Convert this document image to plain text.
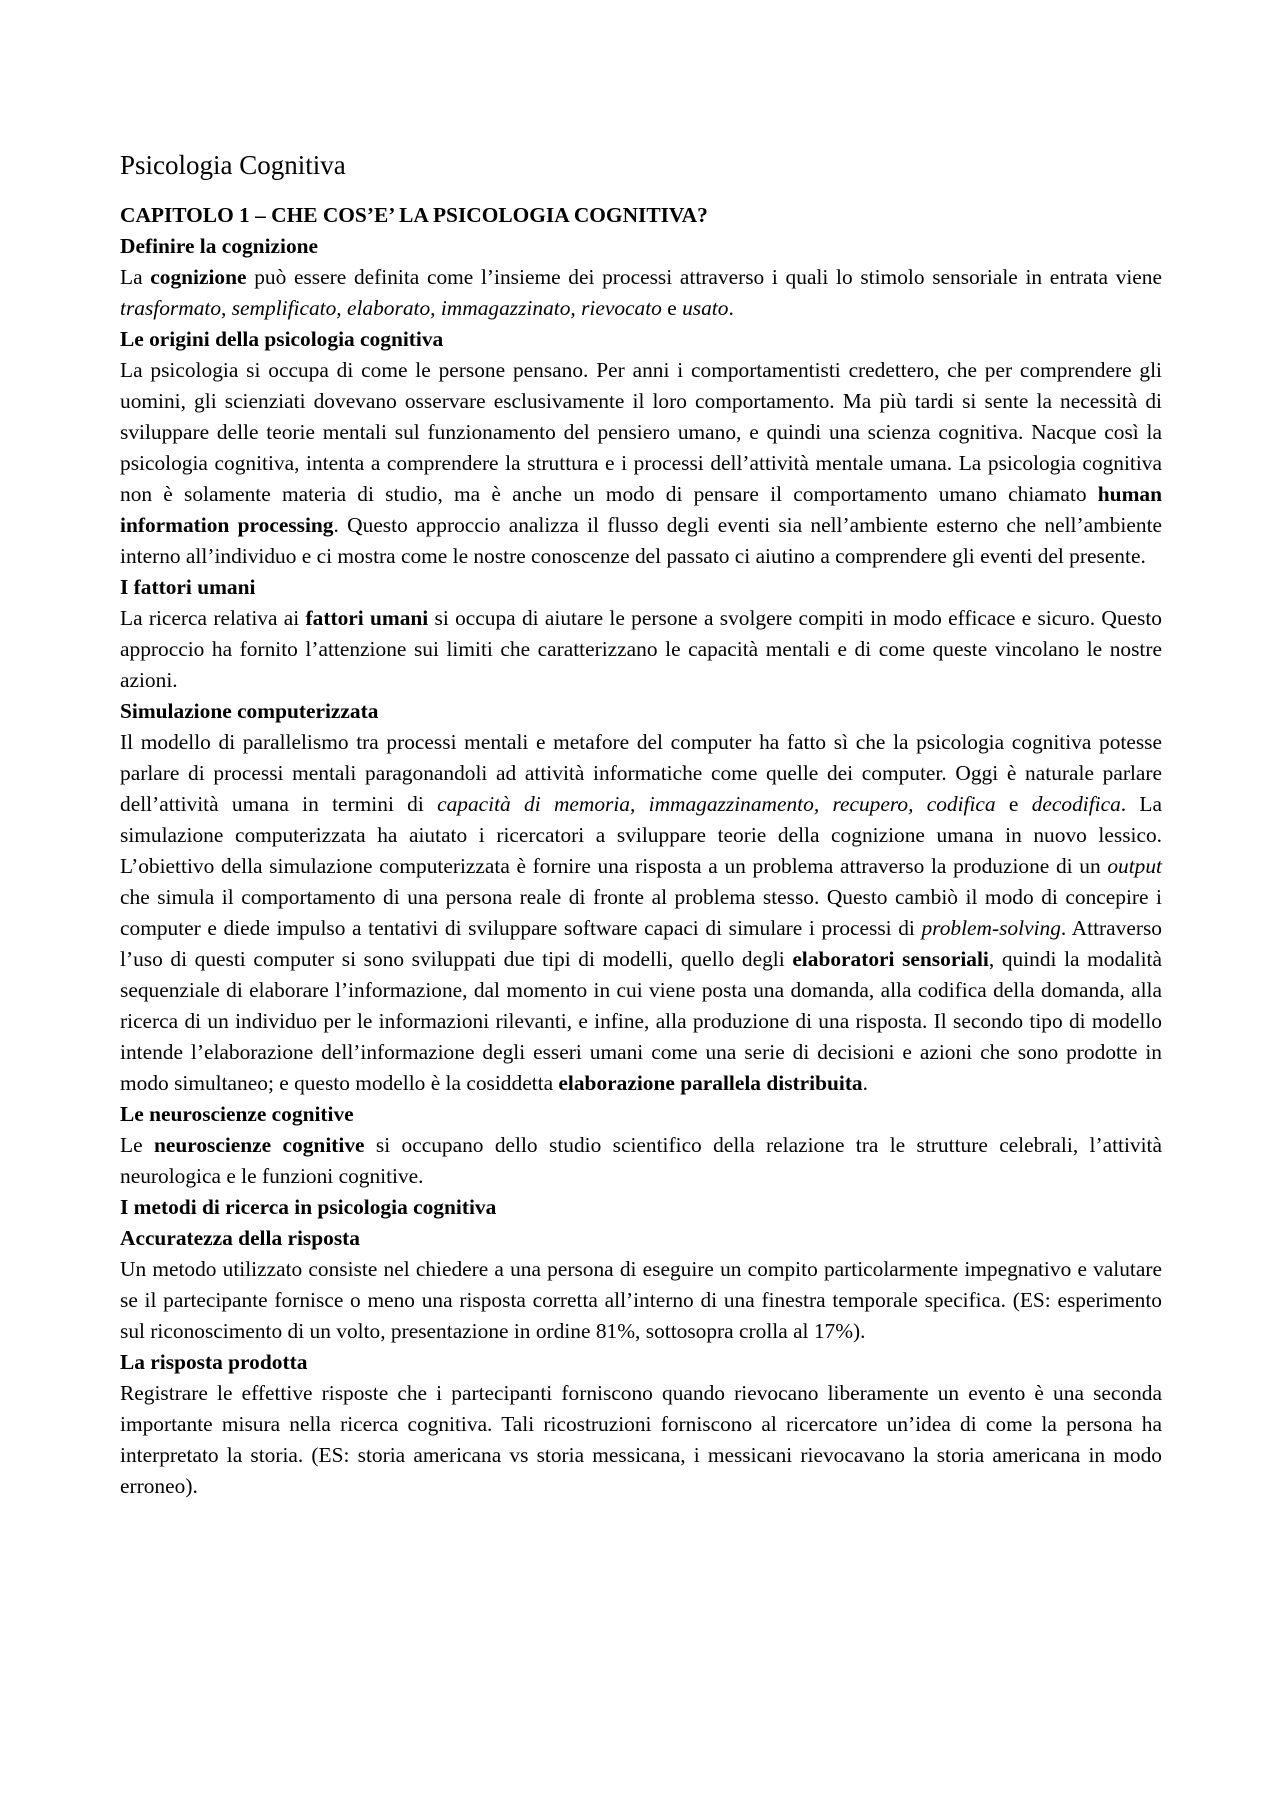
Psicologia Cognitiva

CAPITOLO 1 – CHE COS’E’ LA PSICOLOGIA COGNITIVA?

Definire la cognizione

La cognizione può essere definita come l’insieme dei processi attraverso i quali lo stimolo sensoriale in entrata viene trasformato, semplificato, elaborato, immagazzinato, rievocato e usato.

Le origini della psicologia cognitiva

La psicologia si occupa di come le persone pensano. Per anni i comportamentisti credettero, che per comprendere gli uomini, gli scienziati dovevano osservare esclusivamente il loro comportamento. Ma più tardi si sente la necessità di sviluppare delle teorie mentali sul funzionamento del pensiero umano, e quindi una scienza cognitiva. Nacque così la psicologia cognitiva, intenta a comprendere la struttura e i processi dell’attività mentale umana. La psicologia cognitiva non è solamente materia di studio, ma è anche un modo di pensare il comportamento umano chiamato human information processing. Questo approccio analizza il flusso degli eventi sia nell’ambiente esterno che nell’ambiente interno all’individuo e ci mostra come le nostre conoscenze del passato ci aiutino a comprendere gli eventi del presente.

I fattori umani

La ricerca relativa ai fattori umani si occupa di aiutare le persone a svolgere compiti in modo efficace e sicuro. Questo approccio ha fornito l’attenzione sui limiti che caratterizzano le capacità mentali e di come queste vincolano le nostre azioni.

Simulazione computerizzata

Il modello di parallelismo tra processi mentali e metafore del computer ha fatto sì che la psicologia cognitiva potesse parlare di processi mentali paragonandoli ad attività informatiche come quelle dei computer. Oggi è naturale parlare dell’attività umana in termini di capacità di memoria, immagazzinamento, recupero, codifica e decodifica. La simulazione computerizzata ha aiutato i ricercatori a sviluppare teorie della cognizione umana in nuovo lessico. L’obiettivo della simulazione computerizzata è fornire una risposta a un problema attraverso la produzione di un output che simula il comportamento di una persona reale di fronte al problema stesso. Questo cambiò il modo di concepire i computer e diede impulso a tentativi di sviluppare software capaci di simulare i processi di problem-solving. Attraverso l’uso di questi computer si sono sviluppati due tipi di modelli, quello degli elaboratori sensoriali, quindi la modalità sequenziale di elaborare l’informazione, dal momento in cui viene posta una domanda, alla codifica della domanda, alla ricerca di un individuo per le informazioni rilevanti, e infine, alla produzione di una risposta. Il secondo tipo di modello intende l’elaborazione dell’informazione degli esseri umani come una serie di decisioni e azioni che sono prodotte in modo simultaneo; e questo modello è la cosiddetta elaborazione parallela distribuita.

Le neuroscienze cognitive

Le neuroscienze cognitive si occupano dello studio scientifico della relazione tra le strutture celebrali, l’attività neurologica e le funzioni cognitive.

I metodi di ricerca in psicologia cognitiva

Accuratezza della risposta

Un metodo utilizzato consiste nel chiedere a una persona di eseguire un compito particolarmente impegnativo e valutare se il partecipante fornisce o meno una risposta corretta all’interno di una finestra temporale specifica. (ES: esperimento sul riconoscimento di un volto, presentazione in ordine 81%, sottosopra crolla al 17%).

La risposta prodotta

Registrare le effettive risposte che i partecipanti forniscono quando rievocano liberamente un evento è una seconda importante misura nella ricerca cognitiva. Tali ricostruzioni forniscono al ricercatore un’idea di come la persona ha interpretato la storia. (ES: storia americana vs storia messicana, i messicani rievocavano la storia americana in modo erroneo).
